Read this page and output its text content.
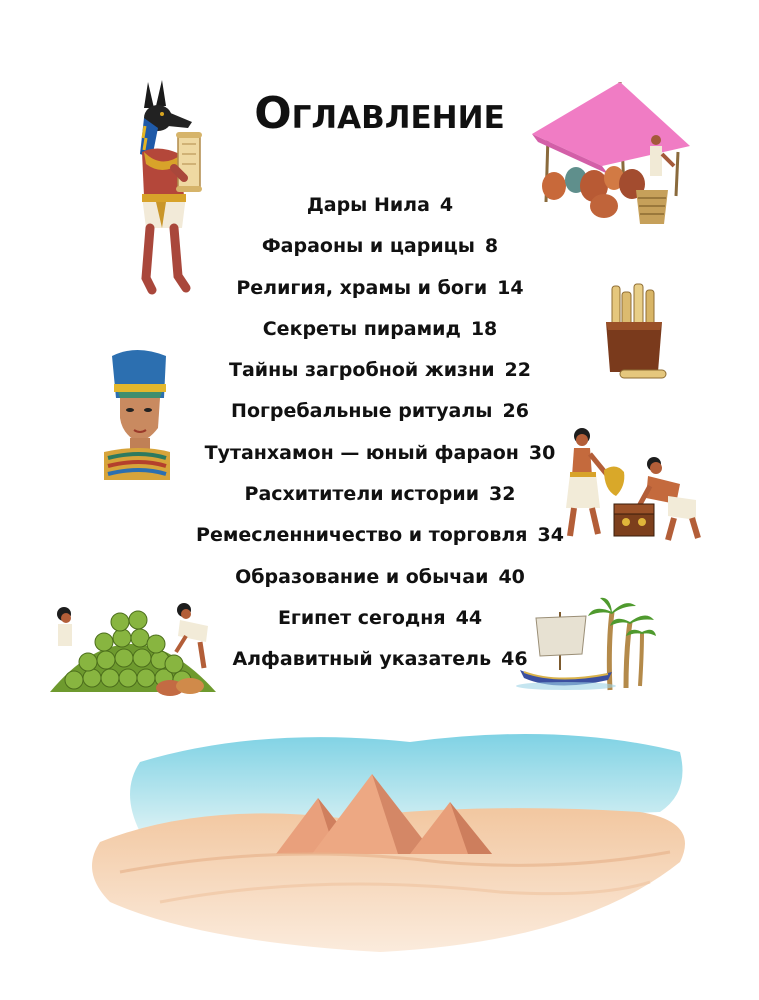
Оглавление
Дары Нила 4
Фараоны и царицы 8
Религия, храмы и боги 14
Секреты пирамид 18
Тайны загробной жизни 22
Погребальные ритуалы 26
Тутанхамон — юный фараон 30
Расхитители истории 32
Ремесленничество и торговля 34
Образование и обычаи 40
Египет сегодня 44
Алфавитный указатель 46
